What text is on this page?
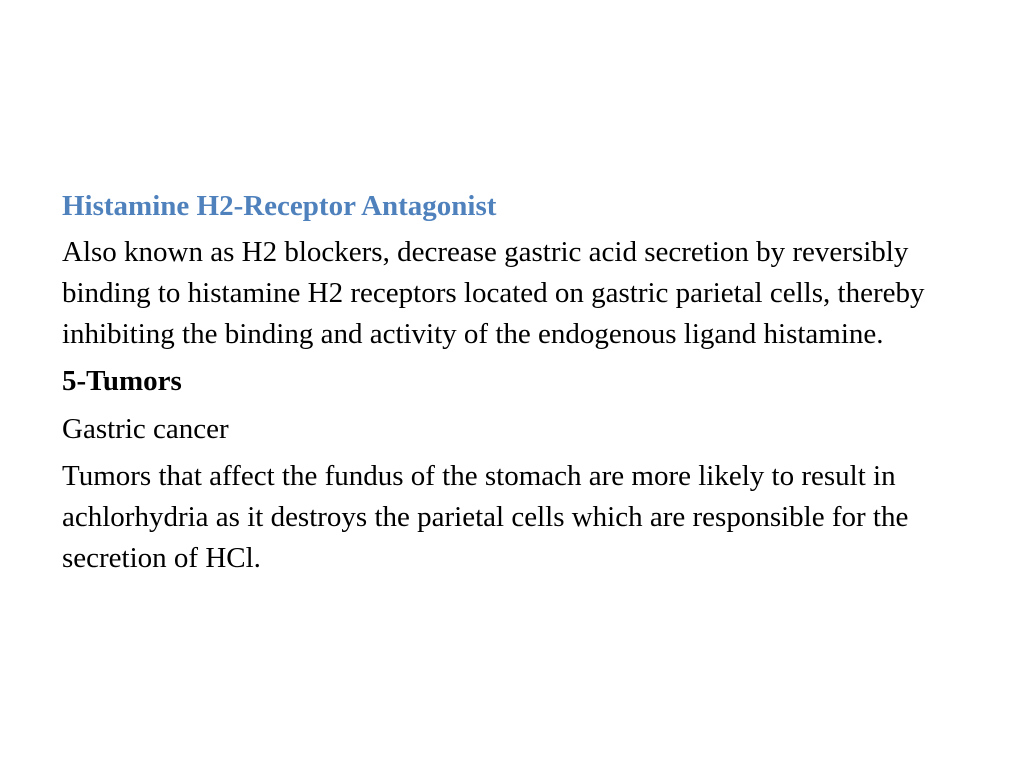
Histamine H2-Receptor Antagonist
Also known as H2 blockers, decrease gastric acid secretion by reversibly binding to histamine H2 receptors located on gastric parietal cells, thereby inhibiting the binding and activity of the endogenous ligand histamine.
5-Tumors
Gastric cancer
Tumors that affect the fundus of the stomach are more likely to result in achlorhydria as it destroys the parietal cells which are responsible for the secretion of HCl.
